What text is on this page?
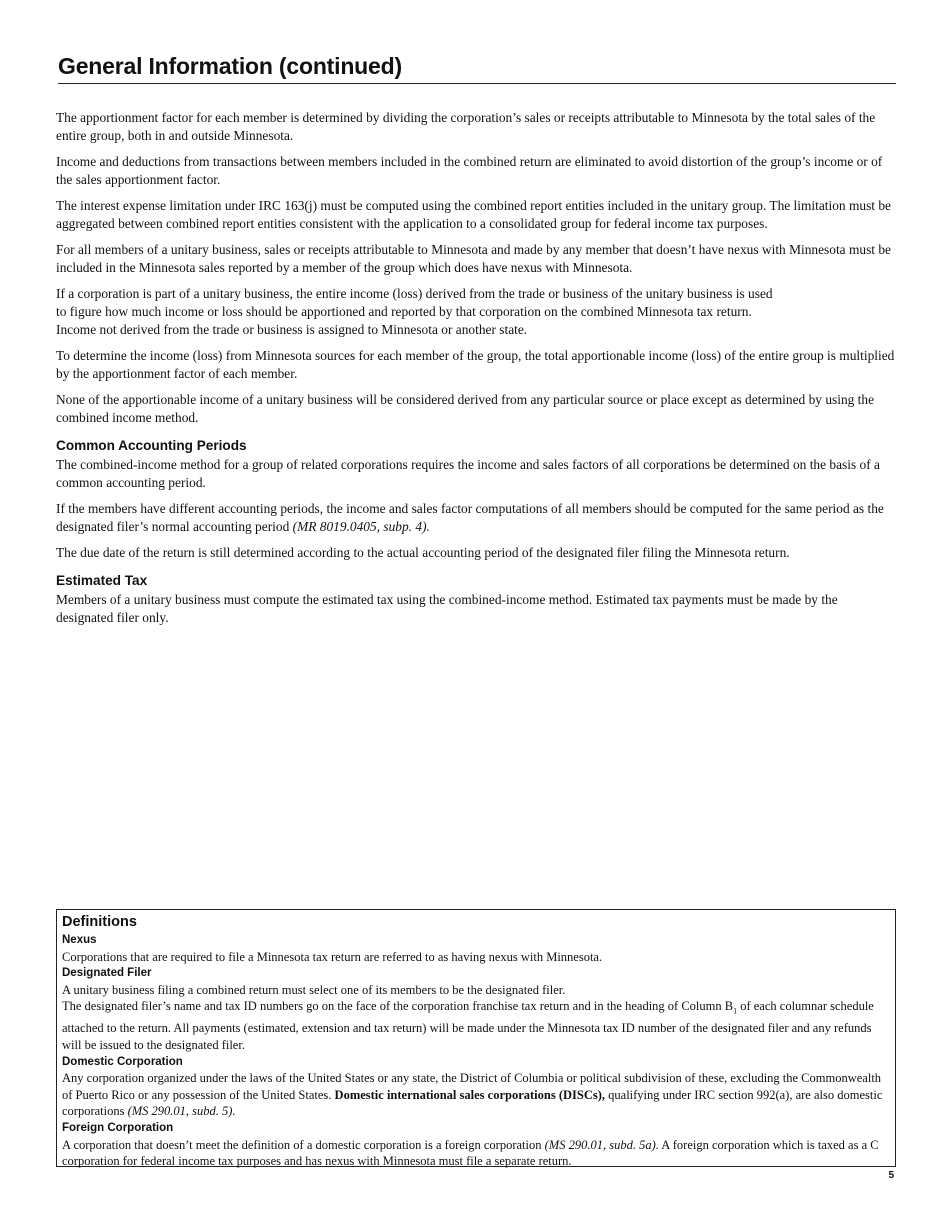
General Information (continued)

The apportionment factor for each member is determined by dividing the corporation’s sales or receipts attributable to Minnesota by the total sales of the entire group, both in and outside Minnesota.

Income and deductions from transactions between members included in the combined return are eliminated to avoid distortion of the group’s income or of the sales apportionment factor.

The interest expense limitation under IRC 163(j) must be computed using the combined report entities included in the unitary group. The limitation must be aggregated between combined report entities consistent with the application to a consolidated group for federal income tax purposes.

For all members of a unitary business, sales or receipts attributable to Minnesota and made by any member that doesn’t have nexus with Minnesota must be included in the Minnesota sales reported by a member of the group which does have nexus with Minnesota.

If a corporation is part of a unitary business, the entire income (loss) derived from the trade or business of the unitary business is used
to figure how much income or loss should be apportioned and reported by that corporation on the combined Minnesota tax return.
Income not derived from the trade or business is assigned to Minnesota or another state.

To determine the income (loss) from Minnesota sources for each member of the group, the total apportionable income (loss) of the entire group is multiplied by the apportionment factor of each member.

None of the apportionable income of a unitary business will be considered derived from any particular source or place except as determined by using the combined income method.

Common Accounting Periods

The combined-income method for a group of related corporations requires the income and sales factors of all corporations be determined on the basis of a common accounting period.

If the members have different accounting periods, the income and sales factor computations of all members should be computed for the same period as the designated filer’s normal accounting period (MR 8019.0405, subp. 4).

The due date of the return is still determined according to the actual accounting period of the designated filer filing the Minnesota return.

Estimated Tax

Members of a unitary business must compute the estimated tax using the combined-income method. Estimated tax payments must be made by the designated filer only.

Definitions
Nexus

Corporations that are required to file a Minnesota tax return are referred to as having nexus with Minnesota.

Designated Filer

A unitary business filing a combined return must select one of its members to be the designated filer.

The designated filer’s name and tax ID numbers go on the face of the corporation franchise tax return and in the heading of Column $B_1$ of each columnar schedule attached to the return. All payments (estimated, extension and tax return) will be made under the Minnesota tax ID number of the designated filer and any refunds will be issued to the designated filer.

Domestic Corporation

Any corporation organized under the laws of the United States or any state, the District of Columbia or political subdivision of these, excluding the Commonwealth of Puerto Rico or any possession of the United States. Domestic international sales corporations (DISCs), qualifying under IRC section 992(a), are also domestic corporations (MS 290.01, subd. 5).

Foreign Corporation

A corporation that doesn’t meet the definition of a domestic corporation is a foreign corporation (MS 290.01, subd. 5a). A foreign corporation which is taxed as a C corporation for federal income tax purposes and has nexus with Minnesota must file a separate return.

5
